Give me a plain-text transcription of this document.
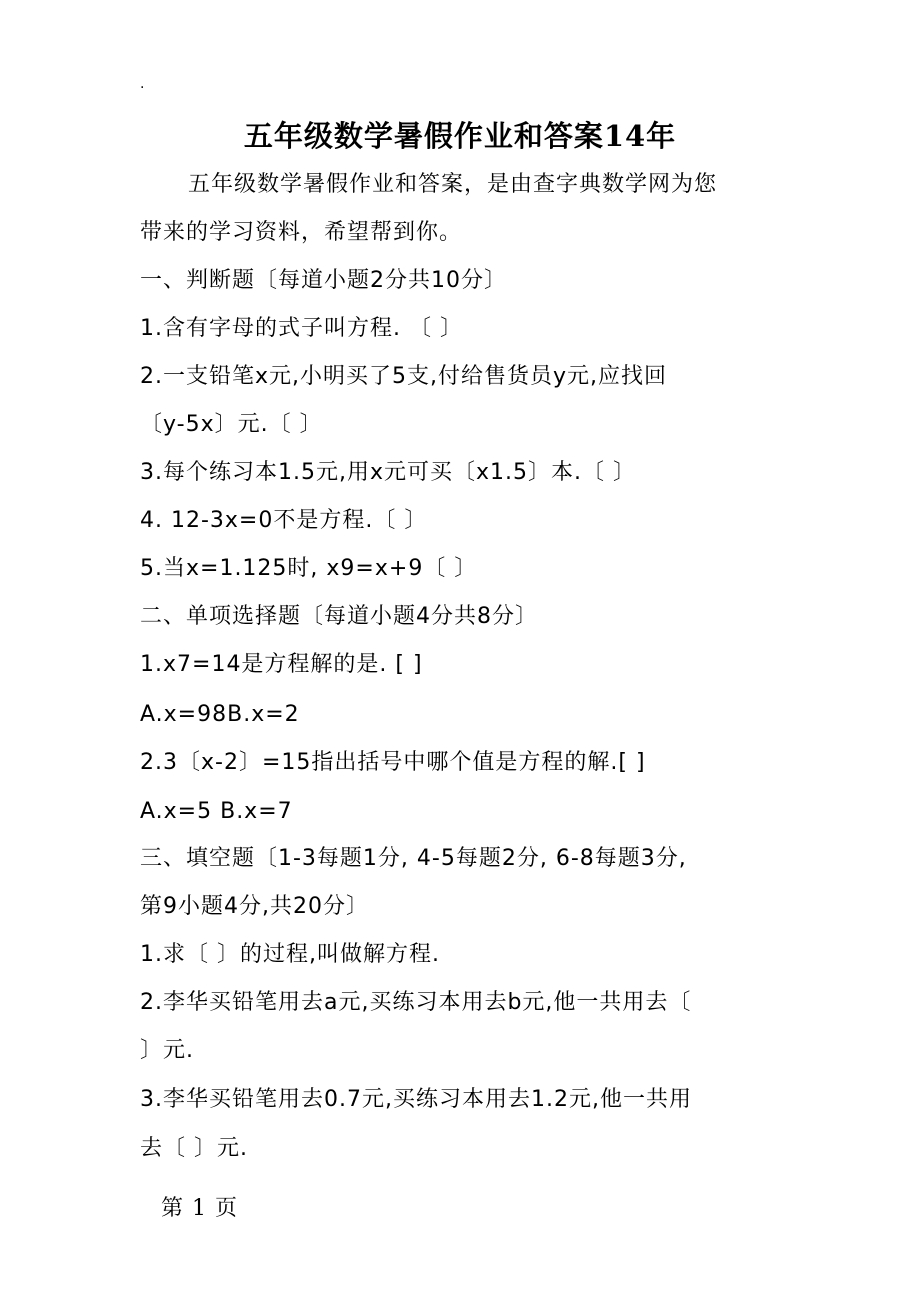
.
五年级数学暑假作业和答案14年
五年级数学暑假作业和答案，是由查字典数学网为您
带来的学习资料，希望帮到你。
一、判断题〔每道小题2分共10分〕
1.含有字母的式子叫方程. 〔 〕
2.一支铅笔x元,小明买了5支,付给售货员y元,应找回
〔y-5x〕元.〔 〕
3.每个练习本1.5元,用x元可买〔x1.5〕本.〔 〕
4. 12-3x=0不是方程.〔 〕
5.当x=1.125时, x9=x+9〔 〕
二、单项选择题〔每道小题4分共8分〕
1.x7=14是方程解的是. [ ]
A.x=98B.x=2
2.3〔x-2〕=15指出括号中哪个值是方程的解.[ ]
A.x=5 B.x=7
三、填空题〔1-3每题1分, 4-5每题2分, 6-8每题3分,
第9小题4分,共20分〕
1.求〔 〕的过程,叫做解方程.
2.李华买铅笔用去a元,买练习本用去b元,他一共用去〔
〕元.
3.李华买铅笔用去0.7元,买练习本用去1.2元,他一共用
去〔 〕元.
第 1 页
